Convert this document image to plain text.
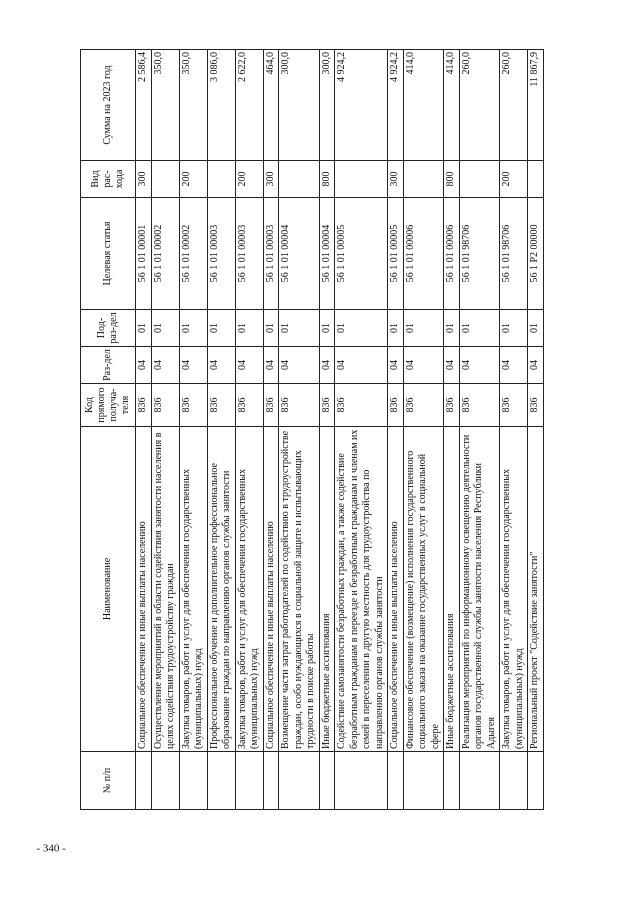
- 340 -
№ п/п	Наименование	Код прямого получа-теля	Раз-дел	Под-раз-дел	Целевая статья	Вид рас-хода	Сумма на 2023 год
	Социальное обеспечение и иные выплаты населению	836	04	01	56 1 01 00001	300	2 586,4
	Осуществление мероприятий в области содействия занятости населения в целях содействия трудоустройству граждан	836	04	01	56 1 01 00002		350,0
	Закупка товаров, работ и услуг для обеспечения государственных (муниципальных) нужд	836	04	01	56 1 01 00002	200	350,0
	Профессиональное обучение и дополнительное профессиональное образование граждан по направлению органов службы занятости	836	04	01	56 1 01 00003		3 086,0
	Закупка товаров, работ и услуг для обеспечения государственных (муниципальных) нужд	836	04	01	56 1 01 00003	200	2 622,0
	Социальное обеспечение и иные выплаты населению	836	04	01	56 1 01 00003	300	464,0
	Возмещение части затрат работодателей по содействию в трудоустройстве граждан, особо нуждающихся в социальной защите и испытывающих трудности в поиске работы	836	04	01	56 1 01 00004		300,0
	Иные бюджетные ассигнования	836	04	01	56 1 01 00004	800	300,0
	Содействие самозанятости безработных граждан, а также содействие безработным гражданам в переезде и безработным гражданам и членам их семей в переселении в другую местность для трудоустройства по направлению органов службы занятости	836	04	01	56 1 01 00005		4 924,2
	Социальное обеспечение и иные выплаты населению	836	04	01	56 1 01 00005	300	4 924,2
	Финансовое обеспечение (возмещение) исполнения государственного социального заказа на оказание государственных услуг в социальной сфере	836	04	01	56 1 01 00006		414,0
	Иные бюджетные ассигнования	836	04	01	56 1 01 00006	800	414,0
	Реализация мероприятий по информационному освещению деятельности органов государственной службы занятости населения Республики Адыгея	836	04	01	56 1 01 98706		260,0
	Закупка товаров, работ и услуг для обеспечения государственных (муниципальных) нужд	836	04	01	56 1 01 98706	200	260,0
	Региональный проект "Содействие занятости"	836	04	01	56 1 Р2 00000		11 867,9
